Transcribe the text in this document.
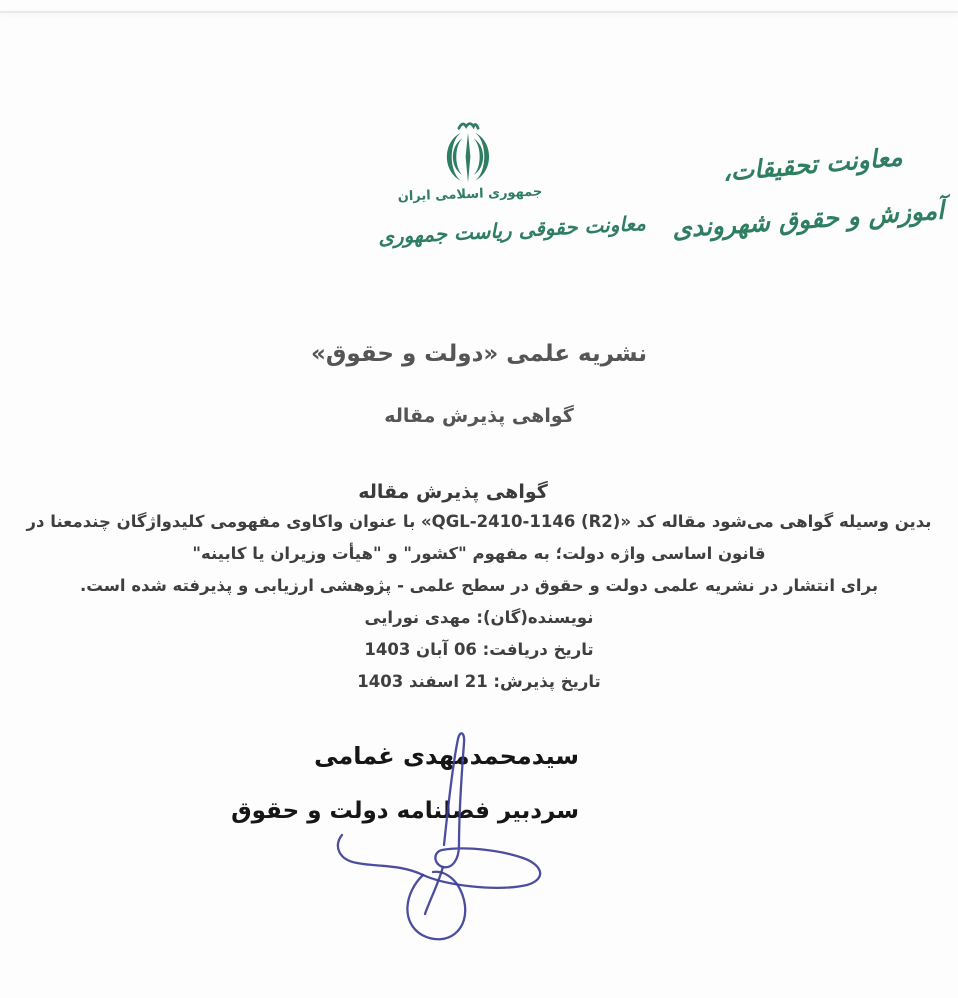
جمهوری اسلامی ایران
معاونت حقوقی ریاست جمهوری
معاونت تحقیقات،
آموزش و حقوق شهروندی
نشریه علمی «دولت و حقوق»
گواهی پذیرش مقاله
گواهی پذیرش مقاله
بدین وسیله گواهی می‌شود مقاله کد «QGL-2410-1146 (R2)» با عنوان واکاوی مفهومی کلیدواژگان چندمعنا در
قانون اساسی واژه دولت؛ به مفهوم "کشور" و "هیأت وزیران یا کابینه"
برای انتشار در نشریه علمی دولت و حقوق در سطح علمی - پژوهشی ارزیابی و پذیرفته شده است.
نویسنده(گان): مهدی نورایی
تاریخ دریافت: 06 آبان 1403
تاریخ پذیرش: 21 اسفند 1403
سیدمحمدمهدی غمامی
سردبیر فصلنامه دولت و حقوق
